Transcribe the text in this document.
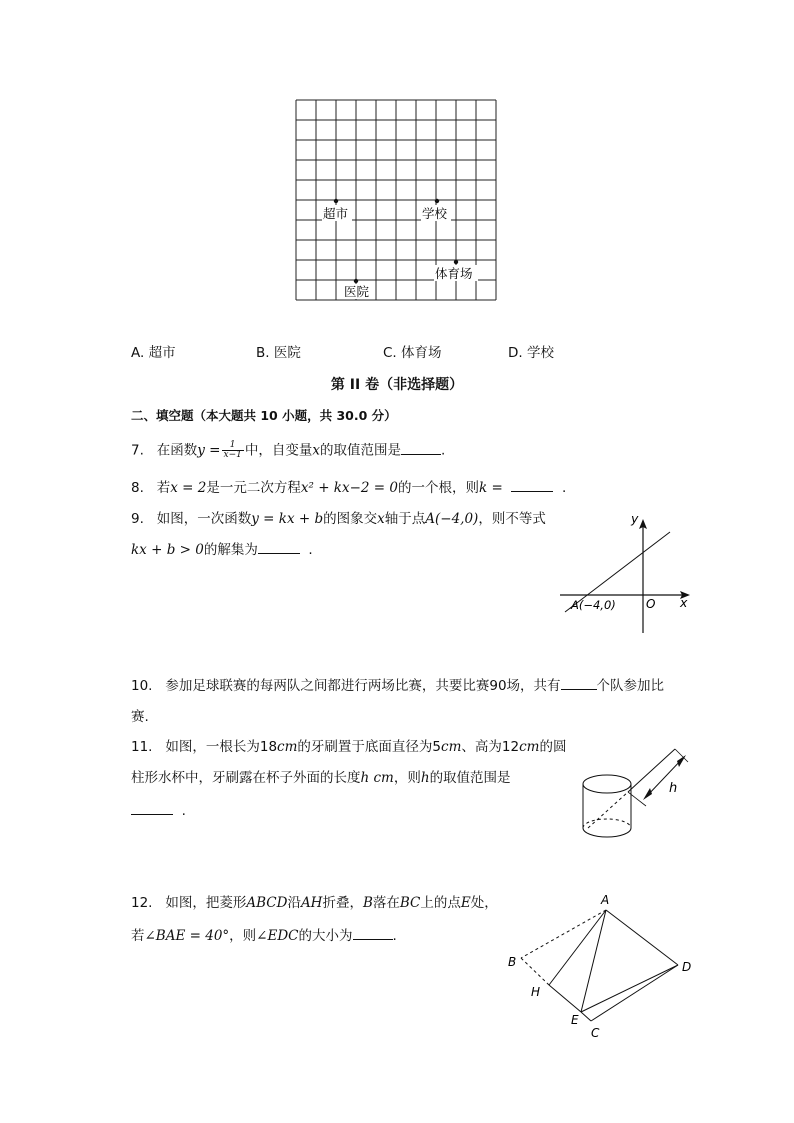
超市	学校
体育场
医院
A. 超市	B. 医院	C. 体育场	D. 学校
第 II 卷（非选择题）
二、填空题（本大题共 10 小题，共 30.0 分）
7. 在函数$y = \frac{1}{x-1}$ 中，自变量x的取值范围是	.
8. 若x = 2是一元二次方程x² + kx−2 = 0的一个根，则k =	.
9. 如图，一次函数y = kx + b的图象交x轴于点A(−4,0)，则不等式
kx + b > 0的解集为	.
y
x
O
A(−4,0)
10. 参加足球联赛的每两队之间都进行两场比赛，共要比赛90场，共有	个队参加比
赛.
11. 如图，一根长为18cm的牙刷置于底面直径为5cm、高为12cm的圆
柱形水杯中，牙刷露在杯子外面的长度h cm，则h的取值范围是
.
h
12. 如图，把菱形ABCD沿AH折叠，B落在BC上的点E处，
若∠BAE = 40°，则∠EDC的大小为	.
A
B
H
E
C
D
